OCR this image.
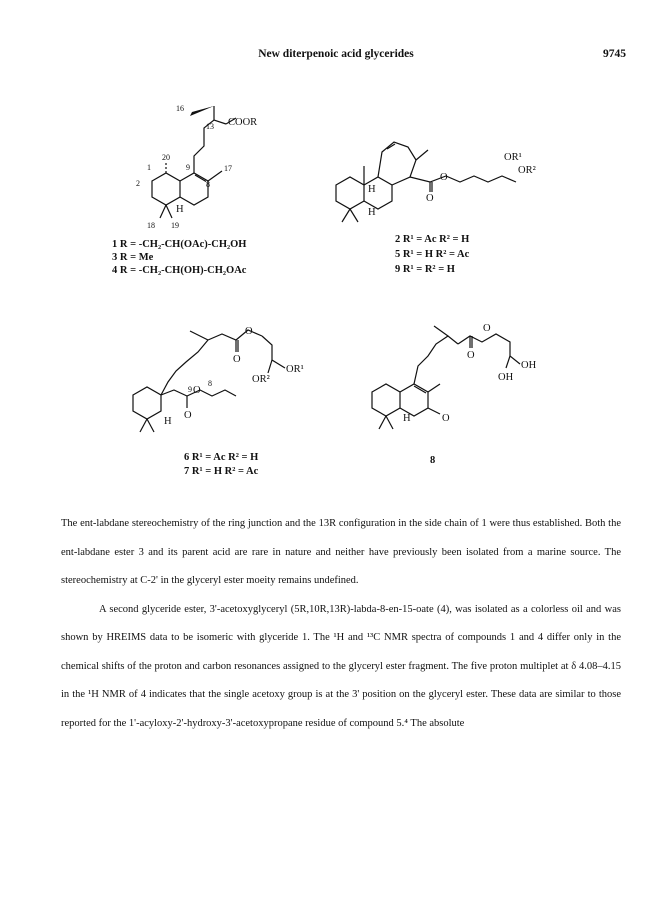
New diterpenoic acid glycerides	9745
COOR
16
13
20
9	17
1
8
2
18 19
H
1 R = -CH₂-CH(OAc)-CH₂OH
3 R = Me
4 R = -CH₂-CH(OH)-CH₂OAc
OR¹
OR²
O
O
H
H
2 R¹ = Ac R² = H
5 R¹ = H R² = Ac
9 R¹ = R² = H
O
O
OR¹
OR²
9 O
8
O
H
6 R¹ = Ac R² = H
7 R¹ = H R² = Ac
O
O
OH
OH
O
H
8

The ent-labdane stereochemistry of the ring junction and the 13R configuration in the side chain of 1 were thus established. Both the ent-labdane ester 3 and its parent acid are rare in nature and neither have previously been isolated from a marine source. The stereochemistry at C-2' in the glyceryl ester moeity remains undefined.

A second glyceride ester, 3'-acetoxyglyceryl (5R,10R,13R)-labda-8-en-15-oate (4), was isolated as a colorless oil and was shown by HREIMS data to be isomeric with glyceride 1. The ¹H and ¹³C NMR spectra of compounds 1 and 4 differ only in the chemical shifts of the proton and carbon resonances assigned to the glyceryl ester fragment. The five proton multiplet at δ 4.08–4.15 in the ¹H NMR of 4 indicates that the single acetoxy group is at the 3' position on the glyceryl ester. These data are similar to those reported for the 1'-acyloxy-2'-hydroxy-3'-acetoxypropane residue of compound 5.⁴ The absolute
